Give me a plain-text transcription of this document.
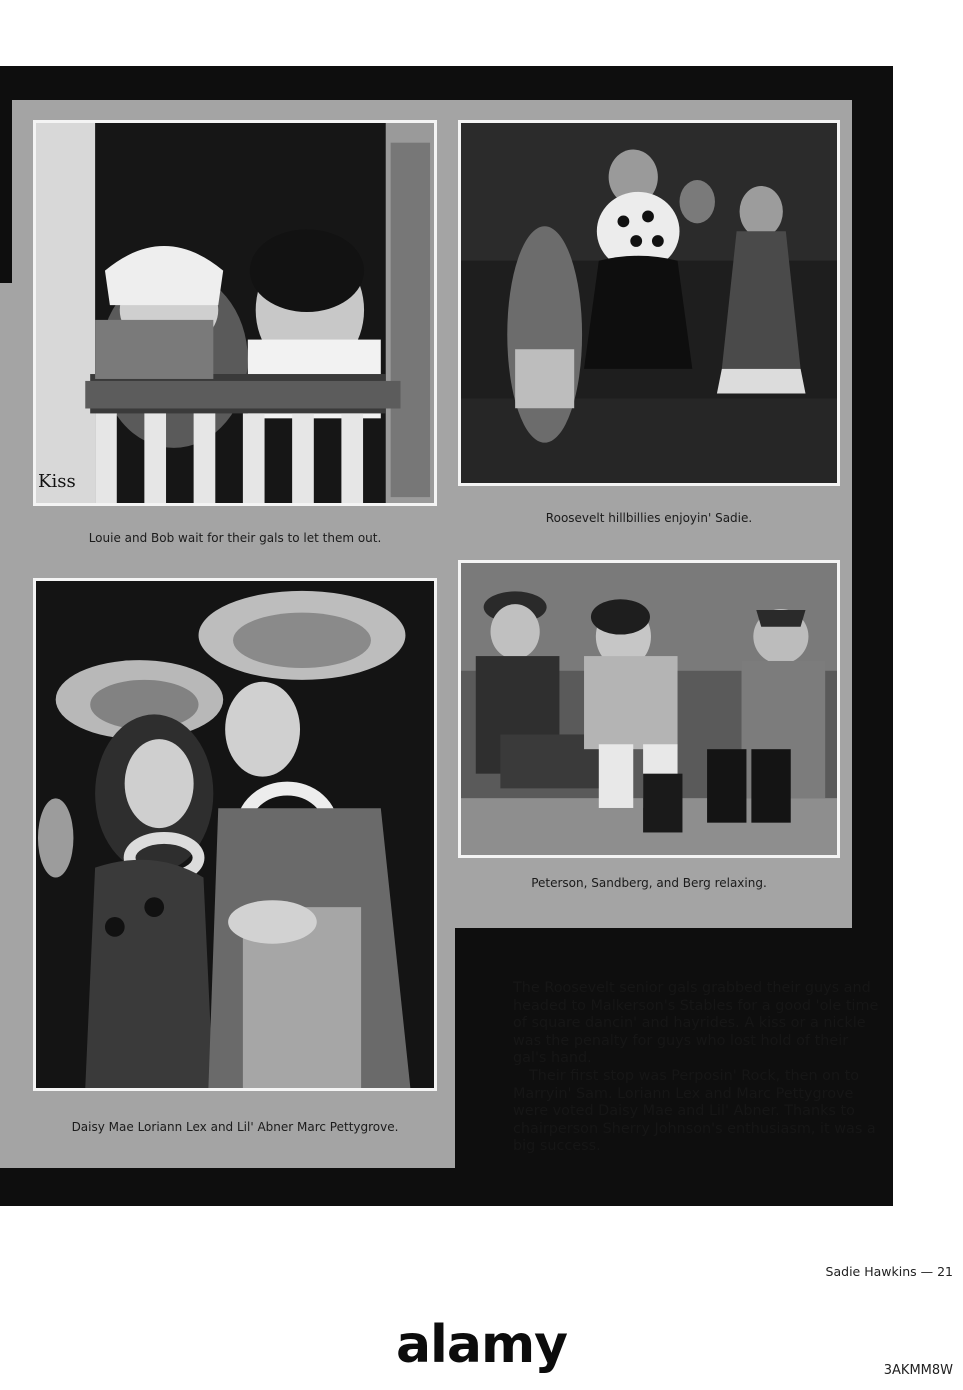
Kiss
Louie and Bob wait for their gals to let them out.
Roosevelt hillbillies enjoyin' Sadie.
Daisy Mae Loriann Lex and Lil' Abner Marc Pettygrove.
Peterson, Sandberg, and Berg relaxing.

The Roosevelt senior gals grabbed their guys and headed to Malkerson's Stables for a good 'ole time of square dancin' and hayrides. A kiss or a nickle was the penalty for guys who lost hold of their gal's hand.

Their first stop was Perposin' Rock, then on to Marryin' Sam. Loriann Lex and Marc Pettygrove were voted Daisy Mae and Lil' Abner. Thanks to chairperson Sherry Johnson's enthusiasm, it was a big success.

Sadie Hawkins — 21
alamy	3AKMM8W
